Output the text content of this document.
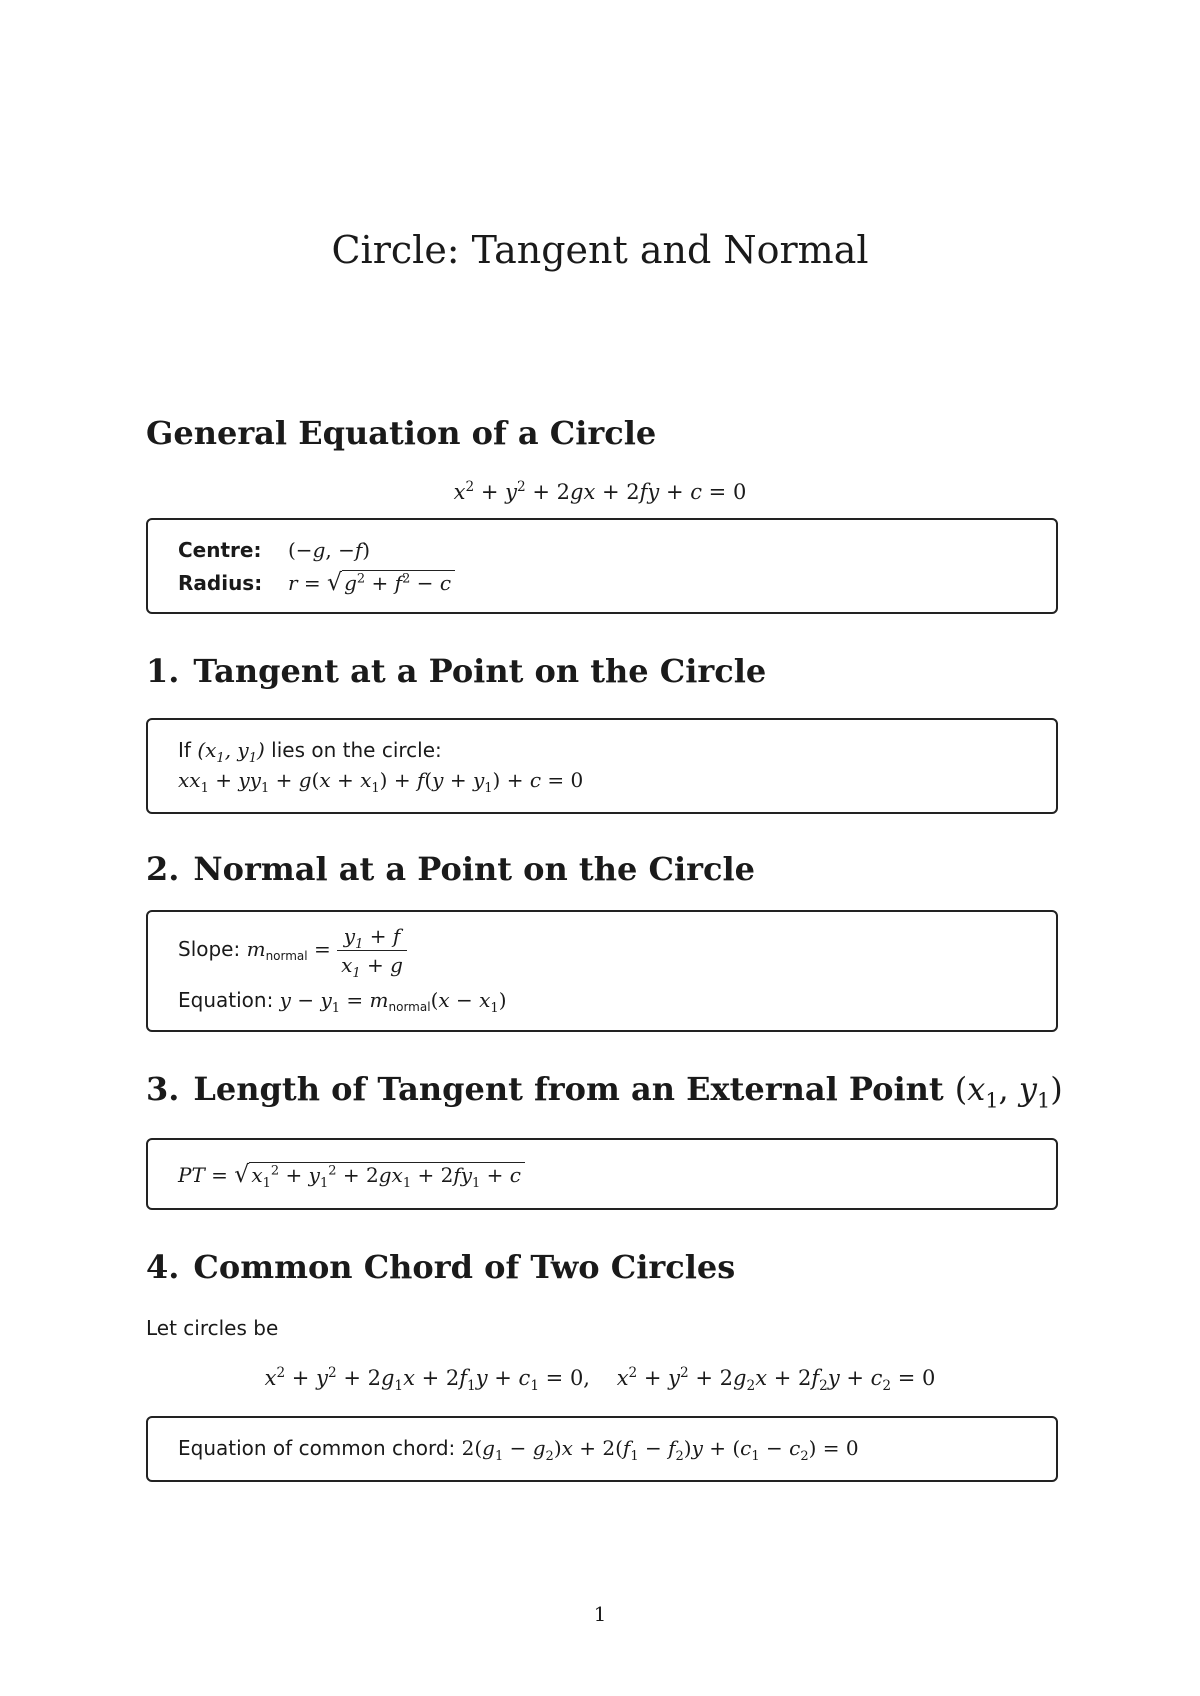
Circle: Tangent and Normal
General Equation of a Circle
$x^2 + y^2 + 2gx + 2fy + c = 0$
Centre: (−g, −f)
Radius: r = √ $g^2 + f^2 - c$
1. Tangent at a Point on the Circle
If ($x_1$, $y_1$) lies on the circle:
$xx_1 + yy_1 + g(x + x_1) + f(y + y_1) + c = 0$
2. Normal at a Point on the Circle
Slope: $m_{normal} = \frac{y_1 + f}{x_1 + g}$
Equation: $y - y_1 = m_{normal}(x - x_1)$
3. Length of Tangent from an External Point ($x_1$, $y_1$)
PT = √ $x_1^2 + y_1^2 + 2gx_1 + 2fy_1 + c$
4. Common Chord of Two Circles
Let circles be
$x^2 + y^2 + 2g_1x + 2f_1y + c_1 = 0$,    $x^2 + y^2 + 2g_2x + 2f_2y + c_2 = 0$
Equation of common chord: $2(g_1 - g_2)x + 2(f_1 - f_2)y + (c_1 - c_2) = 0$
1
